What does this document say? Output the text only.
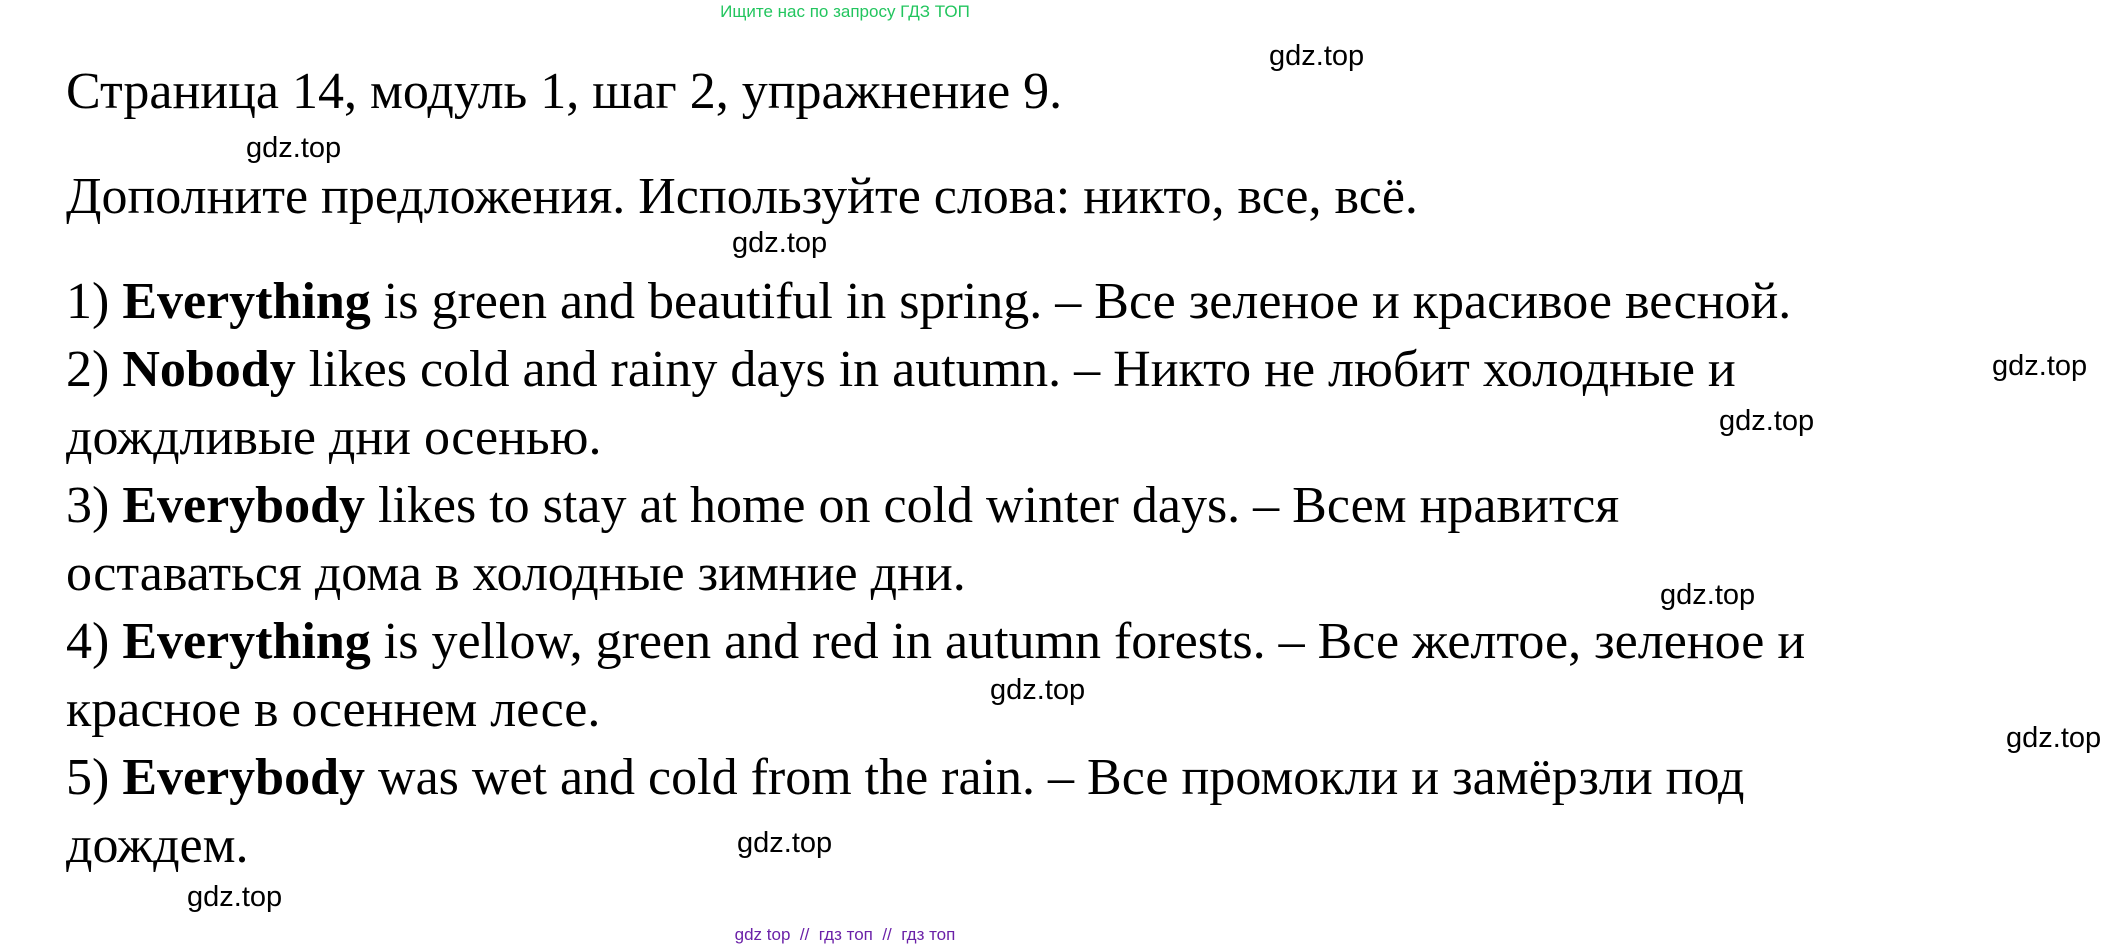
Ищите нас по запросу ГДЗ ТОП
Страница 14, модуль 1, шаг 2, упражнение 9.
Дополните предложения. Используйте слова: никто, все, всё.
1) Everything is green and beautiful in spring. – Все зеленое и красивое весной.
2) Nobody likes cold and rainy days in autumn. – Никто не любит холодные и
дождливые дни осенью.
3) Everybody likes to stay at home on cold winter days. – Всем нравится
оставаться дома в холодные зимние дни.
4) Everything is yellow, green and red in autumn forests. – Все желтое, зеленое и
красное в осеннем лесе.
5) Everybody was wet and cold from the rain. – Все промокли и замёрзли под
дождем.
gdz.top
gdz.top
gdz.top
gdz.top
gdz.top
gdz.top
gdz.top
gdz.top
gdz.top
gdz.top
gdz top  //  гдз топ  //  гдз топ
